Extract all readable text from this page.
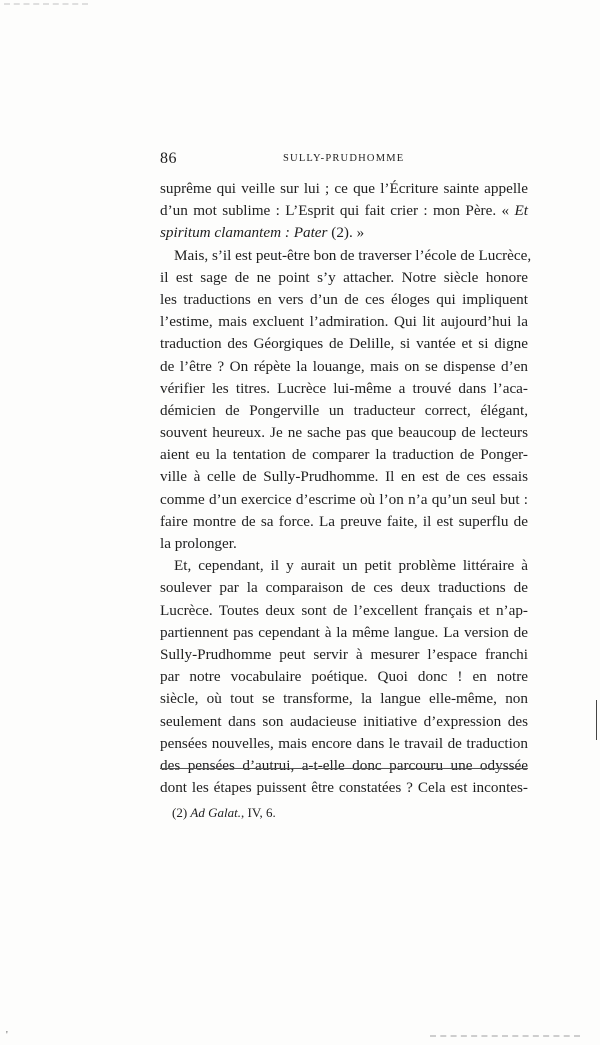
86	SULLY-PRUDHOMME
suprême qui veille sur lui ; ce que l’Écriture sainte appelle
d’un mot sublime : L’Esprit qui fait crier : mon Père. « Et
spiritum clamantem : Pater (2). »
Mais, s’il est peut-être bon de traverser l’école de Lucrèce,
il est sage de ne point s’y attacher. Notre siècle honore
les traductions en vers d’un de ces éloges qui impliquent
l’estime, mais excluent l’admiration. Qui lit aujourd’hui la
traduction des Géorgiques de Delille, si vantée et si digne
de l’être ? On répète la louange, mais on se dispense d’en
vérifier les titres. Lucrèce lui-même a trouvé dans l’aca-
démicien de Pongerville un traducteur correct, élégant,
souvent heureux. Je ne sache pas que beaucoup de lecteurs
aient eu la tentation de comparer la traduction de Ponger-
ville à celle de Sully-Prudhomme. Il en est de ces essais
comme d’un exercice d’escrime où l’on n’a qu’un seul but :
faire montre de sa force. La preuve faite, il est superflu de
la prolonger.
Et, cependant, il y aurait un petit problème littéraire à
soulever par la comparaison de ces deux traductions de
Lucrèce. Toutes deux sont de l’excellent français et n’ap-
partiennent pas cependant à la même langue. La version de
Sully-Prudhomme peut servir à mesurer l’espace franchi
par notre vocabulaire poétique. Quoi donc ! en notre
siècle, où tout se transforme, la langue elle-même, non
seulement dans son audacieuse initiative d’expression des
pensées nouvelles, mais encore dans le travail de traduction
des pensées d’autrui, a-t-elle donc parcouru une odyssée
dont les étapes puissent être constatées ? Cela est incontes-
(2) Ad Galat., IV, 6.
'
